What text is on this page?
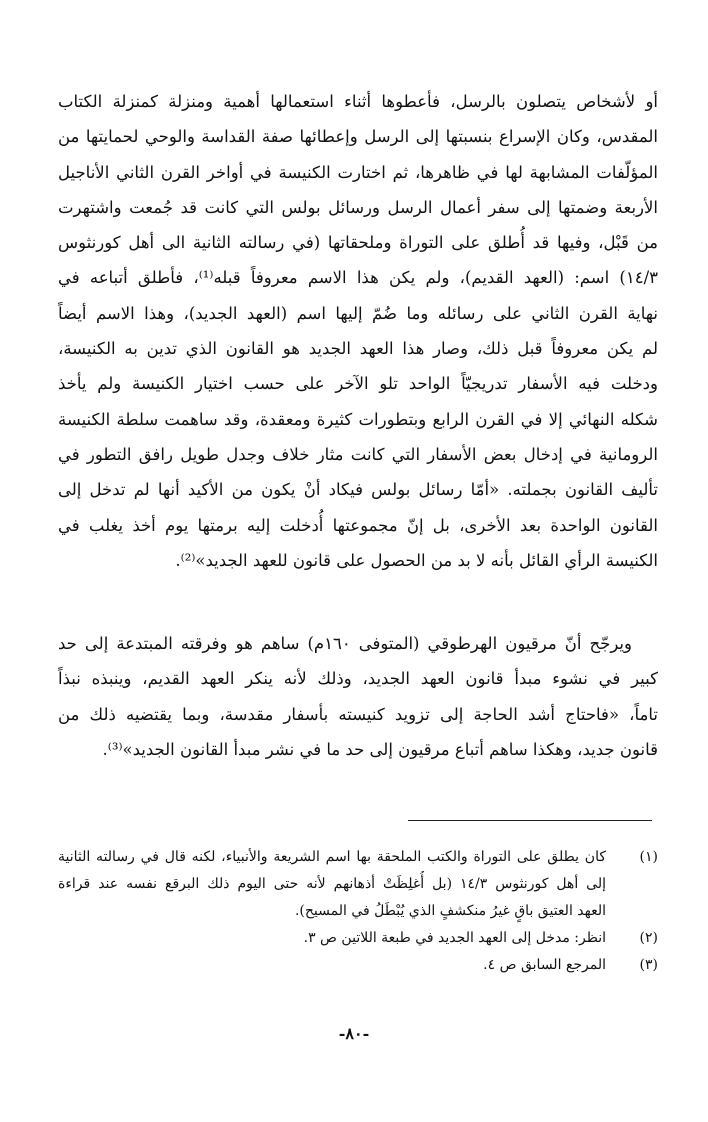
أو لأشخاص يتصلون بالرسل، فأعطوها أثناء استعمالها أهمية ومنزلة كمنزلة الكتاب
المقدس، وكان الإسراع بنسبتها إلى الرسل وإعطائها صفة القداسة والوحي لحمايتها من
المؤلّفات المشابهة لها في ظاهرها، ثم اختارت الكنيسة في أواخر القرن الثاني الأناجيل
الأربعة وضمتها إلى سفر أعمال الرسل ورسائل بولس التي كانت قد جُمعت واشتهرت
من قَبْل، وفيها قد أُطلق على التوراة وملحقاتها (في رسالته الثانية الى أهل كورنثوس
١٤/٣) اسم: (العهد القديم)، ولم يكن هذا الاسم معروفاً قبله⁽¹⁾، فأطلق أتباعه في
نهاية القرن الثاني على رسائله وما ضُمّ إليها اسم (العهد الجديد)، وهذا الاسم أيضاً
لم يكن معروفاً قبل ذلك، وصار هذا العهد الجديد هو القانون الذي تدين به الكنيسة،
ودخلت فيه الأسفار تدريجيّاً الواحد تلو الآخر على حسب اختيار الكنيسة ولم يأخذ
شكله النهائي إلا في القرن الرابع وبتطورات كثيرة ومعقدة، وقد ساهمت سلطة الكنيسة
الرومانية في إدخال بعض الأسفار التي كانت مثار خلاف وجدل طويل رافق التطور في
تأليف القانون بجملته. «أمّا رسائل بولس فيكاد أنْ يكون من الأكيد أنها لم تدخل إلى
القانون الواحدة بعد الأخرى، بل إنّ مجموعتها أُدخلت إليه برمتها يوم أخذ يغلب في
الكنيسة الرأي القائل بأنه لا بد من الحصول على قانون للعهد الجديد»⁽²⁾.
ويرجّح أنّ مرقيون الهرطوقي (المتوفى ١٦٠م) ساهم هو وفرقته المبتدعة إلى حد
كبير في نشوء مبدأ قانون العهد الجديد، وذلك لأنه ينكر العهد القديم، وينبذه نبذاً
تاماً، «فاحتاج أشد الحاجة إلى تزويد كنيسته بأسفار مقدسة، وبما يقتضيه ذلك من
قانون جديد، وهكذا ساهم أتباع مرقيون إلى حد ما في نشر مبدأ القانون الجديد»⁽³⁾.
(١)
كان يطلق على التوراة والكتب الملحقة بها اسم الشريعة والأنبياء، لكنه قال في رسالته الثانية
إلى أهل كورنثوس ١٤/٣ (بل أُغلِظَتْ أذهانهم لأنه حتى اليوم ذلك البرقع نفسه عند قراءة
العهد العتيق باقٍ غيرُ منكشفٍ الذي يُبْطَلُ في المسيح).
(٢)
انظر: مدخل إلى العهد الجديد في طبعة اللاتين ص ٣.
(٣)
المرجع السابق ص ٤.
-٨٠-
